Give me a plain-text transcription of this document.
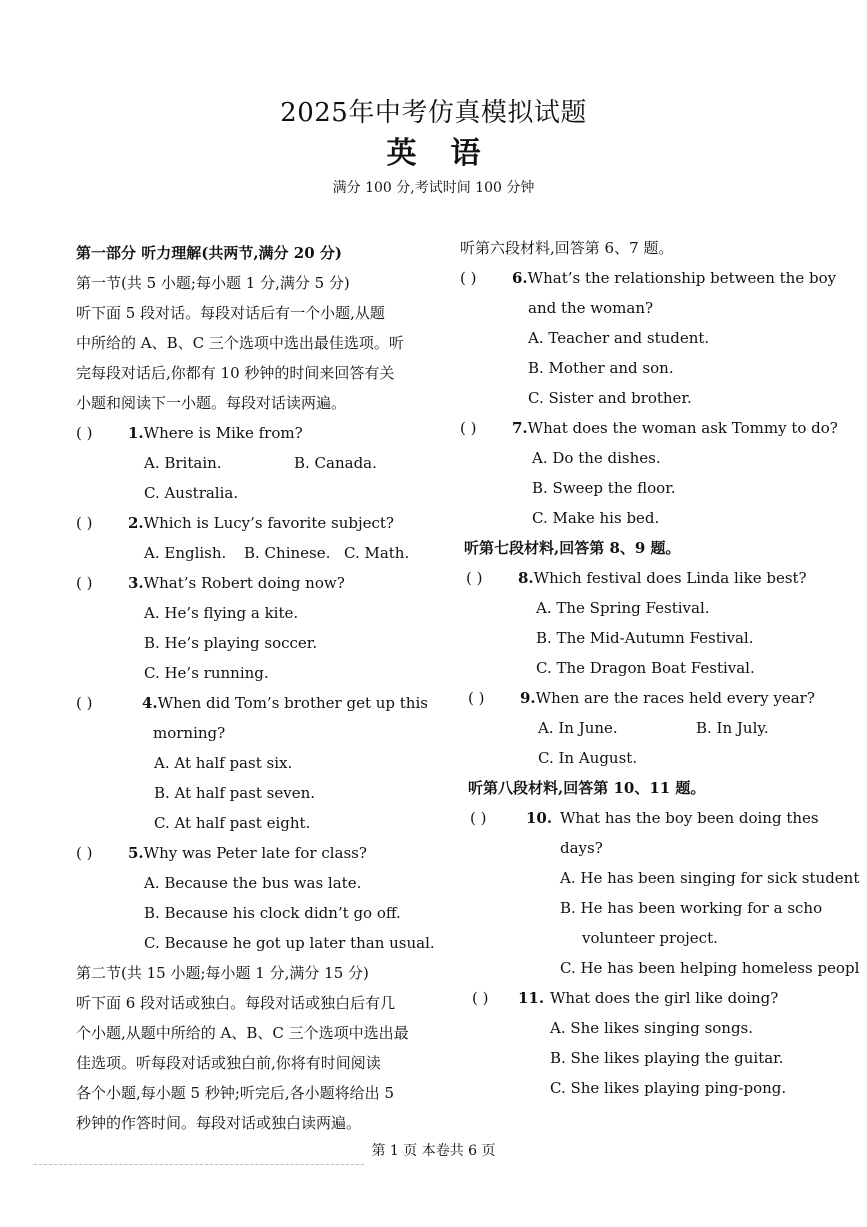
2025年中考仿真模拟试题
英语
满分 100 分,考试时间 100 分钟
第一部分 听力理解(共两节,满分 20 分)
第一节(共 5 小题;每小题 1 分,满分 5 分)
听下面 5 段对话。每段对话后有一个小题,从题
中所给的 A、B、C 三个选项中选出最佳选项。听
完每段对话后,你都有 10 秒钟的时间来回答有关
小题和阅读下一小题。每段对话读两遍。
( )	1. Where is Mike from?
A. Britain.	B. Canada.
C. Australia.
( )	2. Which is Lucy’s favorite subject?
A. English.	B. Chinese. C. Math.
( )	3. What’s Robert doing now?
A. He’s flying a kite.
B. He’s playing soccer.
C. He’s running.
( )	4. When did Tom’s brother get up this
morning?
A. At half past six.
B. At half past seven.
C. At half past eight.
( )	5. Why was Peter late for class?
A. Because the bus was late.
B. Because his clock didn’t go off.
C. Because he got up later than usual.
第二节(共 15 小题;每小题 1 分,满分 15 分)
听下面 6 段对话或独白。每段对话或独白后有几
个小题,从题中所给的 A、B、C 三个选项中选出最
佳选项。听每段对话或独白前,你将有时间阅读
各个小题,每小题 5 秒钟;听完后,各小题将给出 5
秒钟的作答时间。每段对话或独白读两遍。
听第六段材料,回答第 6、7 题。
( )	6. What’s the relationship between the boy
and the woman?
A. Teacher and student.
B. Mother and son.
C. Sister and brother.
( )	7. What does the woman ask Tommy to do?
A. Do the dishes.
B. Sweep the floor.
C. Make his bed.
听第七段材料,回答第 8、9 题。
( )	8. Which festival does Linda like best?
A. The Spring Festival.
B. The Mid-Autumn Festival.
C. The Dragon Boat Festival.
( )	9. When are the races held every year?
A. In June.	B. In July.
C. In August.
听第八段材料,回答第 10、11 题。
( )	10. What has the boy been doing thes
days?
A. He has been singing for sick student
B. He has been working for a scho
volunteer project.
C. He has been helping homeless peopl
( )	11. What does the girl like doing?
A. She likes singing songs.
B. She likes playing the guitar.
C. She likes playing ping-pong.
第 1 页 本卷共 6 页
